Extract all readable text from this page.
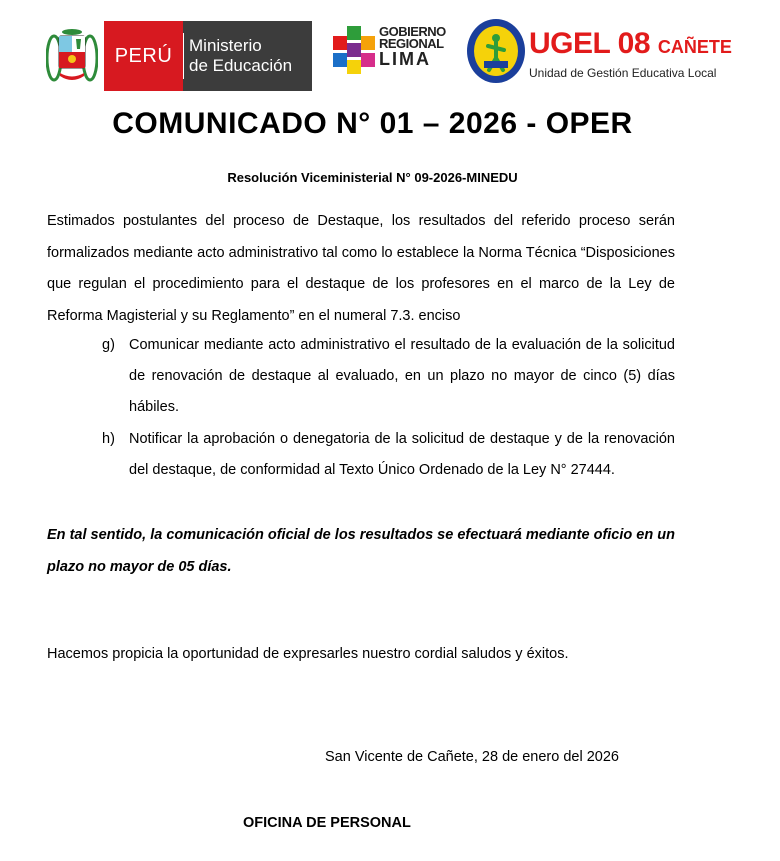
PERÚ Ministerio
de Educación
GOBIERNO
REGIONAL
LIMA	UGEL 08 CAÑETE
Unidad de Gestión Educativa Local
COMUNICADO N° 01 – 2026 - OPER
Resolución Viceministerial N° 09-2026-MINEDU
Estimados postulantes del proceso de Destaque, los resultados del referido proceso serán formalizados mediante acto administrativo tal como lo establece la Norma Técnica “Disposiciones que regulan el procedimiento para el destaque de los profesores en el marco de la Ley de Reforma Magisterial y su Reglamento” en el numeral 7.3. enciso
g) Comunicar mediante acto administrativo el resultado de la evaluación de la solicitud de renovación de destaque al evaluado, en un plazo no mayor de cinco (5) días hábiles.
h) Notificar la aprobación o denegatoria de la solicitud de destaque y de la renovación del destaque, de conformidad al Texto Único Ordenado de la Ley N° 27444.
En tal sentido, la comunicación oficial de los resultados se efectuará mediante oficio en un plazo no mayor de 05 días.
Hacemos propicia la oportunidad de expresarles nuestro cordial saludos y éxitos.
San Vicente de Cañete, 28 de enero del 2026
OFICINA DE PERSONAL
